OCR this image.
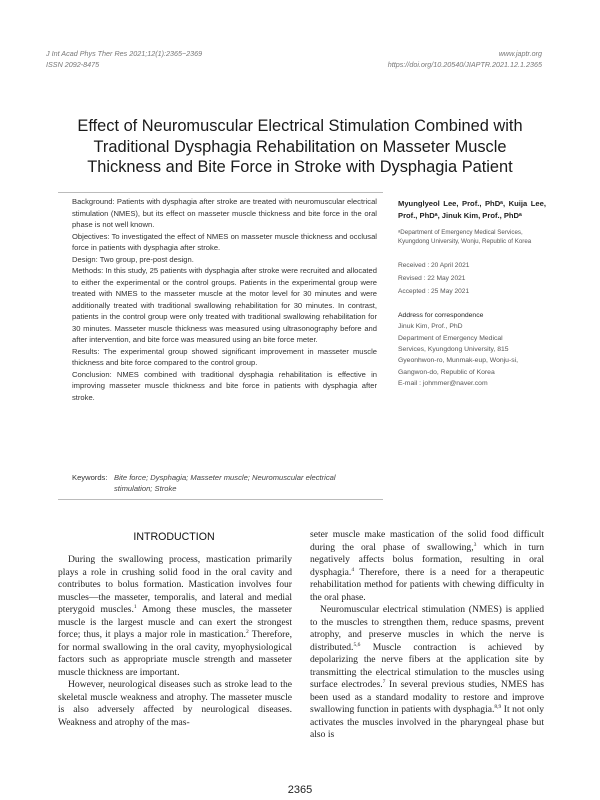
J Int Acad Phys Ther Res 2021;12(1):2365~2369
ISSN 2092-8475
www.japtr.org
https://doi.org/10.20540/JIAPTR.2021.12.1.2365
Effect of Neuromuscular Electrical Stimulation Combined with
Traditional Dysphagia Rehabilitation on Masseter Muscle
Thickness and Bite Force in Stroke with Dysphagia Patient

Background: Patients with dysphagia after stroke are treated with neuromuscular electrical stimulation (NMES), but its effect on masseter muscle thickness and bite force in the oral phase is not well known.

Objectives: To investigated the effect of NMES on masseter muscle thickness and occlusal force in patients with dysphagia after stroke.

Design: Two group, pre-post design.

Methods: In this study, 25 patients with dysphagia after stroke were recruited and allocated to either the experimental or the control groups. Patients in the experimental group were treated with NMES to the masseter muscle at the motor level for 30 minutes and were additionally treated with traditional swallowing rehabilitation for 30 minutes. In contrast, patients in the control group were only treated with traditional swallowing rehabilitation for 30 minutes. Masseter muscle thickness was measured using ultrasonography before and after intervention, and bite force was measured using an bite force meter.

Results: The experimental group showed significant improvement in masseter muscle thickness and bite force compared to the control group.

Conclusion: NMES combined with traditional dysphagia rehabilitation is effective in improving masseter muscle thickness and bite force in patients with dysphagia after stroke.

Keywords: Bite force; Dysphagia; Masseter muscle; Neuromuscular electrical stimulation; Stroke
Myunglyeol Lee, Prof., PhDᵃ, Kuija Lee, Prof., PhDᵃ, Jinuk Kim, Prof., PhDᵃ
ᵃDepartment of Emergency Medical Services, Kyungdong University, Wonju, Republic of Korea
Received : 20 April 2021
Revised : 22 May 2021
Accepted : 25 May 2021
Address for correspondence
Jinuk Kim, Prof., PhD
Department of Emergency Medical
Services, Kyungdong University, 815
Gyeonhwon-ro, Munmak-eup, Wonju-si,
Gangwon-do, Republic of Korea
E-mail : johmmer@naver.com
INTRODUCTION

During the swallowing process, mastication primarily plays a role in crushing solid food in the oral cavity and contributes to bolus formation. Mastication involves four muscles—the masseter, temporalis, and lateral and medial pterygoid muscles.$^1$ Among these muscles, the masseter muscle is the largest muscle and can exert the strongest force; thus, it plays a major role in mastication.$^2$ Therefore, for normal swallowing in the oral cavity, myophysiological factors such as appropriate muscle strength and masseter muscle thickness are important.

However, neurological diseases such as stroke lead to the skeletal muscle weakness and atrophy. The masseter muscle is also adversely affected by neurological diseases. Weakness and atrophy of the mas-

seter muscle make mastication of the solid food difficult during the oral phase of swallowing,$^3$ which in turn negatively affects bolus formation, resulting in oral dysphagia.$^4$ Therefore, there is a need for a therapeutic rehabilitation method for patients with chewing difficulty in the oral phase.

Neuromuscular electrical stimulation (NMES) is applied to the muscles to strengthen them, reduce spasms, prevent atrophy, and preserve muscles in which the nerve is distributed.$^{5,6}$ Muscle contraction is achieved by depolarizing the nerve fibers at the application site by transmitting the electrical stimulation to the muscles using surface electrodes.$^7$ In several previous studies, NMES has been used as a standard modality to restore and improve swallowing function in patients with dysphagia.$^{8,9}$ It not only activates the muscles involved in the pharyngeal phase but also is

2365
